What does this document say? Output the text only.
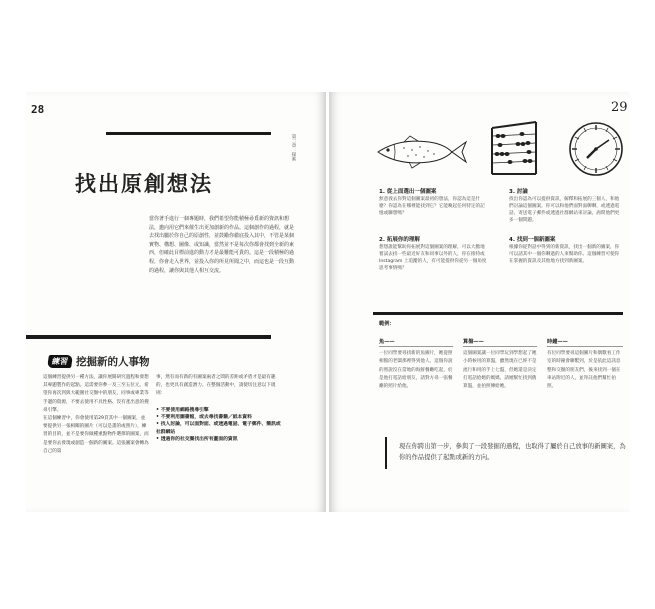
28
第二章：探索
找出原創想法
當你著手進行一個專題時，我們希望你能積極尋覓新的資訊和想法，邀向用它們來催生出更加創新的作品。這個創作的過程，就是去找出屬於你自己的原創性，並鼓勵你徹底投入其中，不管是某個實物、構想、圖像、或知識，當然並不是每次你都會找到全新的東西，但確此目標前進的動力才是最難能可貴的。這是一段積極的過程，你會走入世界，並投入你的所見所聞之中，而這也是一段互動的過程，讓你與其他人相互交流。
練習 挖掘新的人事物
這個練習提供另一種方法，讓你展開研究過程和發想其專題製作的起點。這需要你參一及三至五位元，希望你再次到與大範圍社交圈中的朋友，同事或專業等手邊的資源，不要去使用不具性格、沒有產出意的搜尋引擎。
在這個練習中，你會使用第29頁其中一個圖案，並要提供另一張相關的圖片（可以是畫的或照片），練習的目的，並不是要你做種重點物件選擇的圖案，而是要你去發現或創造一個新的圖案。這張圖案會轉為自己的第
事，然有而有新的有圖案兩者之間的差距或矛盾才是最有趣的，也更具有創造潛力。在整個活動中，請使切注意以下規則：
• 不要使用網路搜尋引擎
• 不要利用圖書館，或去尋找書籍／紙本資料
• 找人討論，可以面對面、或透過電話、電子郵件、簡訊或社群網站
• 透過你的社交圈找出所有畫面的資訊
29
1. 從上面選出一個圖案
無意義去你對這個圖案最初的想法，你認為這是什麼？你認為在哪裡能找到它？它能喚起任何特定的記憶或聯想嗎？
2. 拓展你的理解
想想誰能幫助你拓展對這個圖案的理解，可以大膽地嘗試去找一些最近好友和同事以外的人，你在推特或 Instagram 上追蹤的人，有可能提供你從另一個角度思考事情嗎？
3. 討論
找出你認為可以提供資訊，解釋和拓展的三個人，和他們討論這個圖案。你可以和他們面對面聊聊，或透過電話、寄送電子郵件或透過社群網站來討論，詢問他們更多一個問題。
4. 找到一個新圖案
根據你從對話中得到的新資訊，找出一個新的圖案，你可以請其中一個你聊過的人來幫助你。這個練習可使你在掌握的資訊及其他地方找到新圖案。
範例：
魚——
一位同學要尋找新的魚圖片，她從照相館的老闆那裡得到他人、這個你說的照說沒在當地的海鮮餐廳吃起，於是他打電話給朋友，請對方尋一張餐廳的照片給他。
算盤——
這個圖案讓一位同學玩到學想起了她小時候用的算盤，雖然現在已經不是流行和用的手上七盤，但她還是決定打電話給她的媽媽，請她幫忙找到舊算盤，並拍照傳給她。
時鐘——
有位同學要尋這個圖片和偶數看工作室的時鐘會聯繫到，於是依此這訊息整和交圈的朋友們，後來找到一個在車站附近的人，並拜託他們幫忙拍照。
現在你跨出第一步，參與了一段發掘的過程，也取得了屬於自己放事的新圖案，為你的作品提供了起點或新的方向。
